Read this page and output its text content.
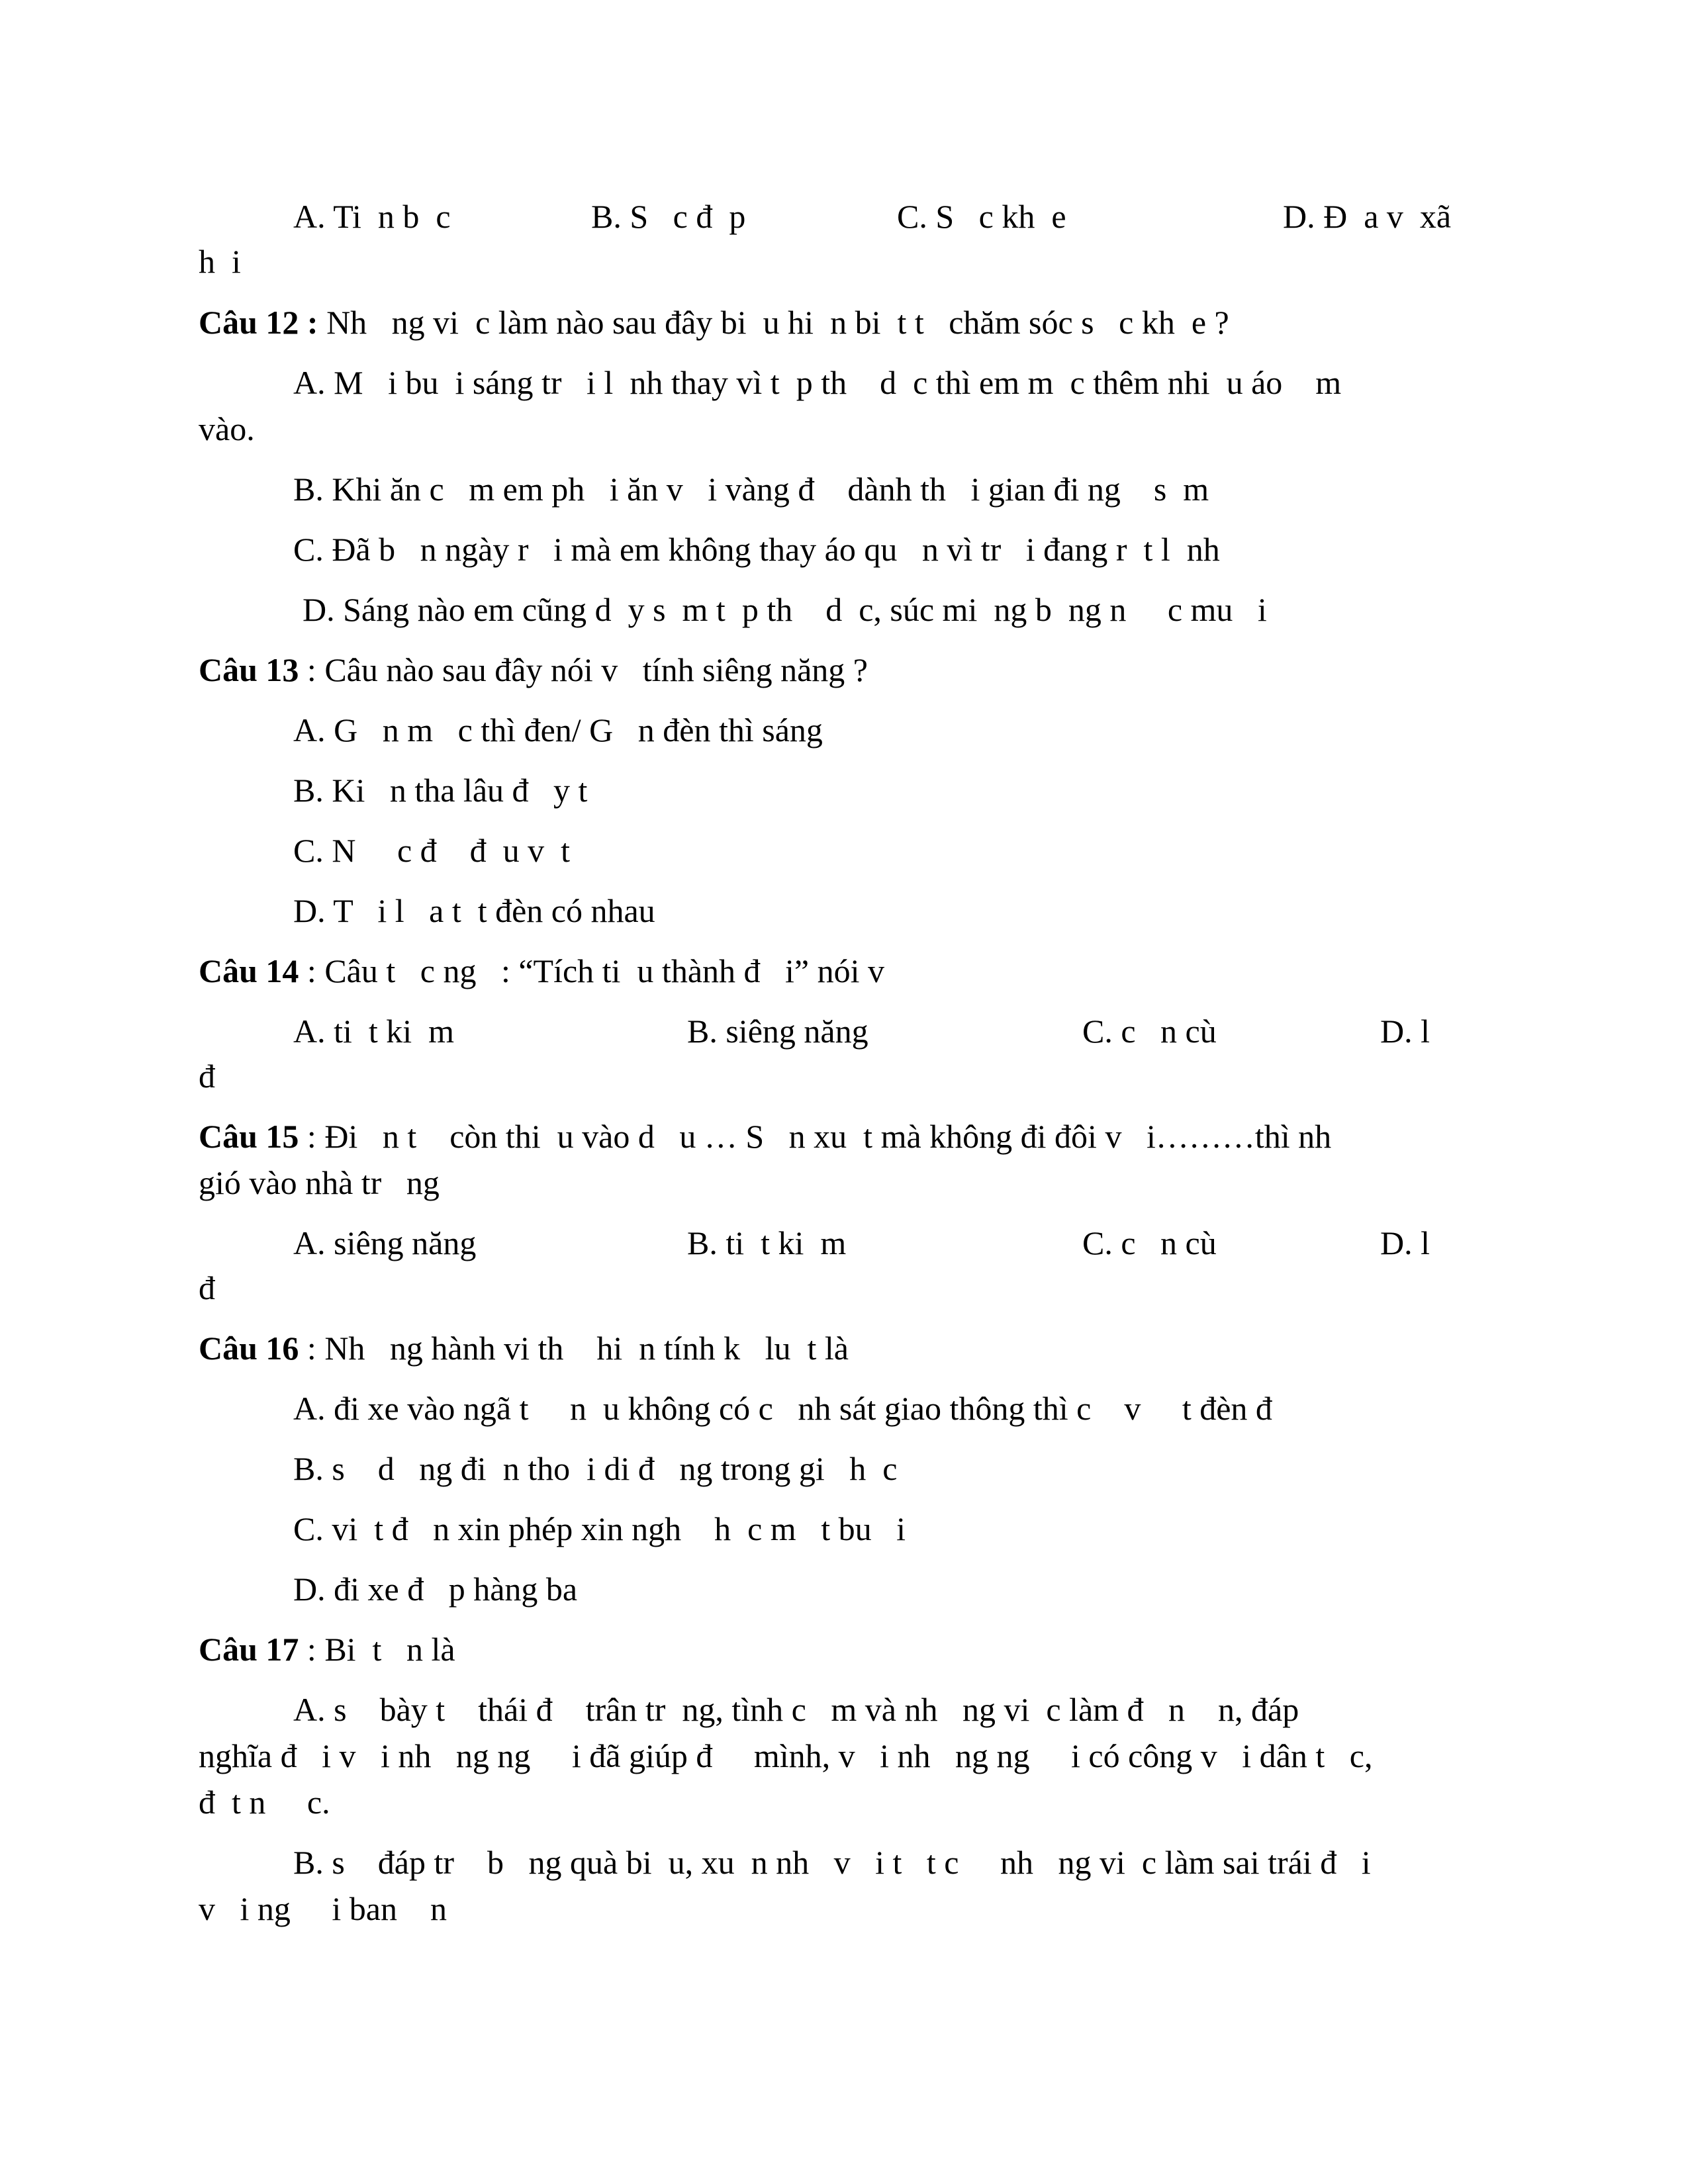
A. Ti  n b  c	B. S   c đ  p	C. S   c kh  e	D. Đ  a v  xã
h  i
Câu 12 : Nh   ng vi  c làm nào sau đây bi  u hi  n bi  t t   chăm sóc s   c kh  e ?
A. M   i bu  i sáng tr   i l  nh thay vì t  p th    d  c thì em m  c thêm nhi  u áo    m
vào.
B. Khi ăn c   m em ph   i ăn v   i vàng đ    dành th   i gian đi ng    s  m
C. Đã b   n ngày r   i mà em không thay áo qu   n vì tr   i đang r  t l  nh
D. Sáng nào em cũng d  y s  m t  p th    d  c, súc mi  ng b  ng n     c mu   i
Câu 13 : Câu nào sau đây nói v   tính siêng năng ?
A. G   n m   c thì đen/ G   n đèn thì sáng
B. Ki   n tha lâu đ   y t
C. N     c đ    đ  u v  t
D. T   i l   a t  t đèn có nhau
Câu 14 : Câu t   c ng   : “Tích ti  u thành đ   i” nói v
A. ti  t ki  m	B. siêng năng	C. c   n cù	D. l
đ
Câu 15 : Đi   n t    còn thi  u vào d   u … S   n xu  t mà không đi đôi v   i………thì nh
gió vào nhà tr   ng
A. siêng năng	B. ti  t ki  m	C. c   n cù	D. l
đ
Câu 16 : Nh   ng hành vi th    hi  n tính k   lu  t là
A. đi xe vào ngã t     n  u không có c   nh sát giao thông thì c    v     t đèn đ
B. s    d   ng đi  n tho  i di đ   ng trong gi   h  c
C. vi  t đ   n xin phép xin ngh    h  c m   t bu   i
D. đi xe đ   p hàng ba
Câu 17 : Bi  t   n là
A. s    bày t    thái đ    trân tr  ng, tình c   m và nh   ng vi  c làm đ   n    n, đáp
nghĩa đ   i v   i nh   ng ng     i đã giúp đ     mình, v   i nh   ng ng     i có công v   i dân t   c,
đ  t n     c.
B. s    đáp tr    b   ng quà bi  u, xu  n nh   v   i t   t c     nh   ng vi  c làm sai trái đ   i
v   i ng     i ban    n
